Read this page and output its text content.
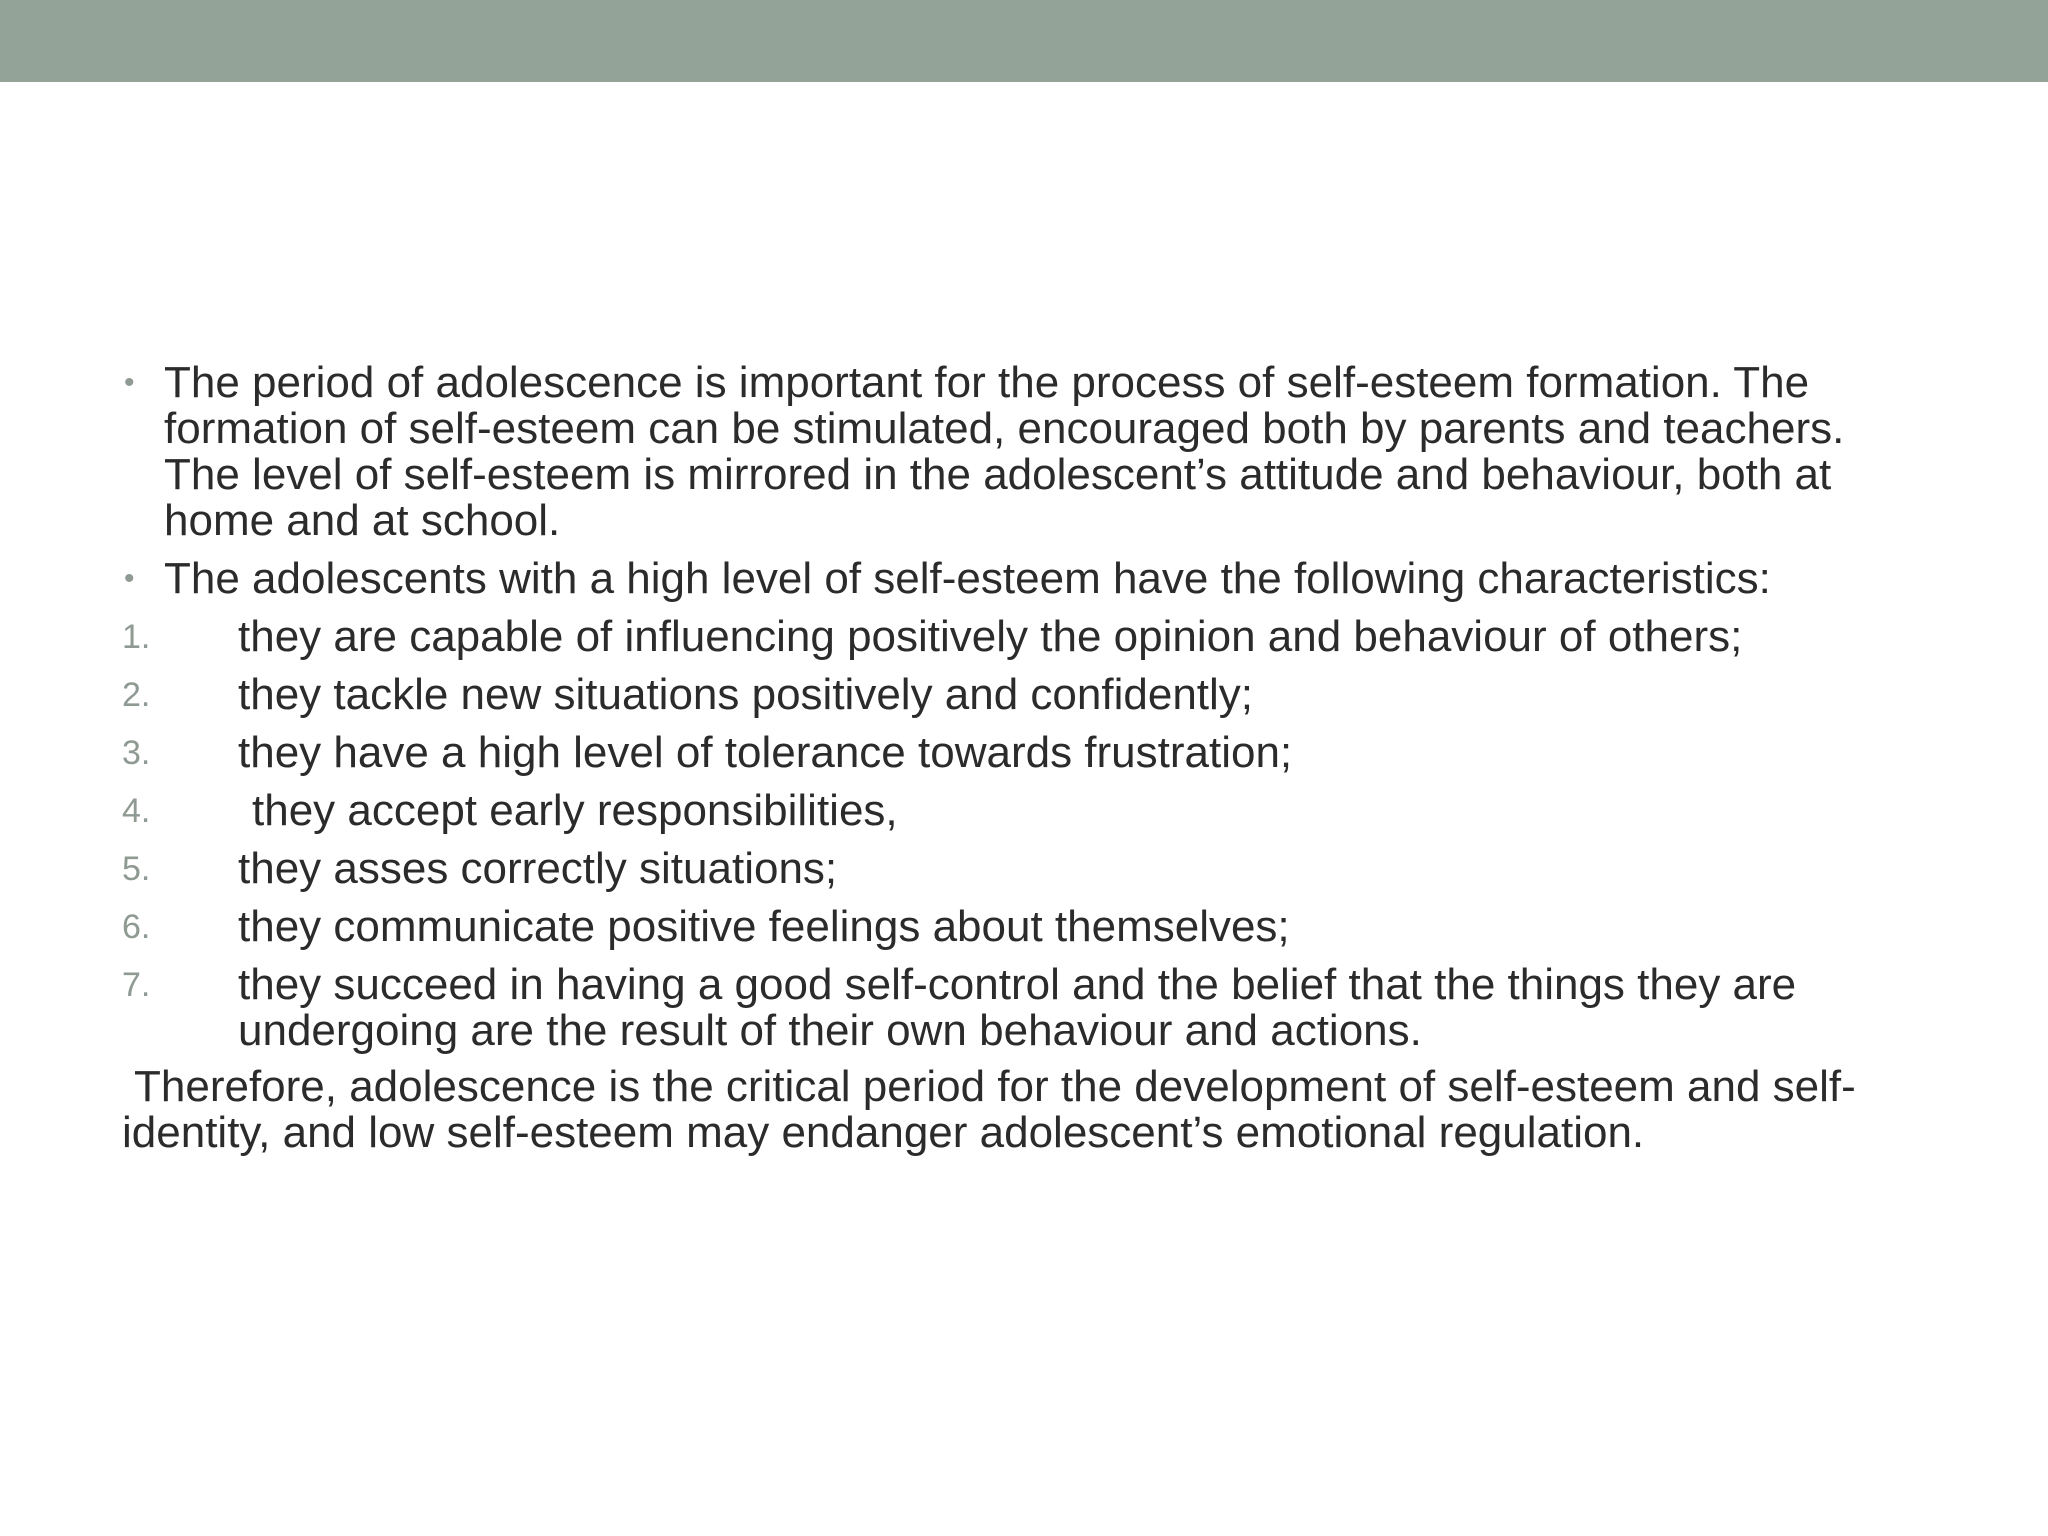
• The period of adolescence is important for the process of self-esteem formation. The formation of self-esteem can be stimulated, encouraged both by parents and teachers. The level of self-esteem is mirrored in the adolescent’s attitude and behaviour, both at home and at school.
• The adolescents with a high level of self-esteem have the following characteristics:
1. they are capable of influencing positively the opinion and behaviour of others;
2. they tackle new situations positively and confidently;
3. they have a high level of tolerance towards frustration;
4. they accept early responsibilities,
5. they asses correctly situations;
6. they communicate positive feelings about themselves;
7. they succeed in having a good self-control and the belief that the things they are undergoing are the result of their own behaviour and actions.
Therefore, adolescence is the critical period for the development of self-esteem and self-identity, and low self-esteem may endanger adolescent’s emotional regulation.
